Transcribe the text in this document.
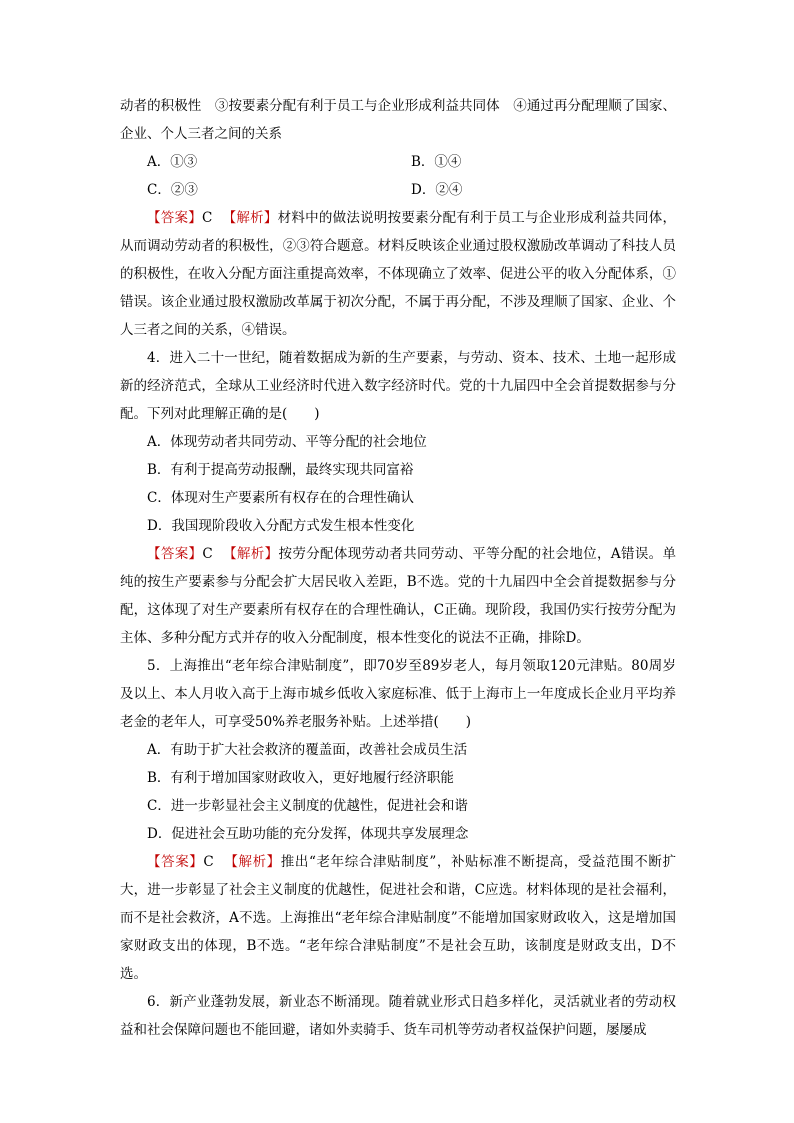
动者的积极性　③按要素分配有利于员工与企业形成利益共同体　④通过再分配理顺了国家、企业、个人三者之间的关系

A．①③	B．①④
C．②③	D．②④

【答案】C 【解析】材料中的做法说明按要素分配有利于员工与企业形成利益共同体，从而调动劳动者的积极性，②③符合题意。材料反映该企业通过股权激励改革调动了科技人员的积极性，在收入分配方面注重提高效率，不体现确立了效率、促进公平的收入分配体系，①错误。该企业通过股权激励改革属于初次分配，不属于再分配，不涉及理顺了国家、企业、个人三者之间的关系，④错误。

4．进入二十一世纪，随着数据成为新的生产要素，与劳动、资本、技术、土地一起形成新的经济范式，全球从工业经济时代进入数字经济时代。党的十九届四中全会首提数据参与分配。下列对此理解正确的是(　　)

A．体现劳动者共同劳动、平等分配的社会地位

B．有利于提高劳动报酬，最终实现共同富裕

C．体现对生产要素所有权存在的合理性确认

D．我国现阶段收入分配方式发生根本性变化

【答案】C 【解析】按劳分配体现劳动者共同劳动、平等分配的社会地位，A错误。单纯的按生产要素参与分配会扩大居民收入差距，B不选。党的十九届四中全会首提数据参与分配，这体现了对生产要素所有权存在的合理性确认，C正确。现阶段，我国仍实行按劳分配为主体、多种分配方式并存的收入分配制度，根本性变化的说法不正确，排除D。

5．上海推出“老年综合津贴制度”，即70岁至89岁老人，每月领取120元津贴。80周岁及以上、本人月收入高于上海市城乡低收入家庭标准、低于上海市上一年度成长企业月平均养老金的老年人，可享受50%养老服务补贴。上述举措(　　)

A．有助于扩大社会救济的覆盖面，改善社会成员生活

B．有利于增加国家财政收入，更好地履行经济职能

C．进一步彰显社会主义制度的优越性，促进社会和谐

D．促进社会互助功能的充分发挥，体现共享发展理念

【答案】C 【解析】推出“老年综合津贴制度”，补贴标准不断提高，受益范围不断扩大，进一步彰显了社会主义制度的优越性，促进社会和谐，C应选。材料体现的是社会福利，而不是社会救济，A不选。上海推出“老年综合津贴制度”不能增加国家财政收入，这是增加国家财政支出的体现，B不选。“老年综合津贴制度”不是社会互助，该制度是财政支出，D不选。

6．新产业蓬勃发展，新业态不断涌现。随着就业形式日趋多样化，灵活就业者的劳动权益和社会保障问题也不能回避，诸如外卖骑手、货车司机等劳动者权益保护问题，屡屡成
